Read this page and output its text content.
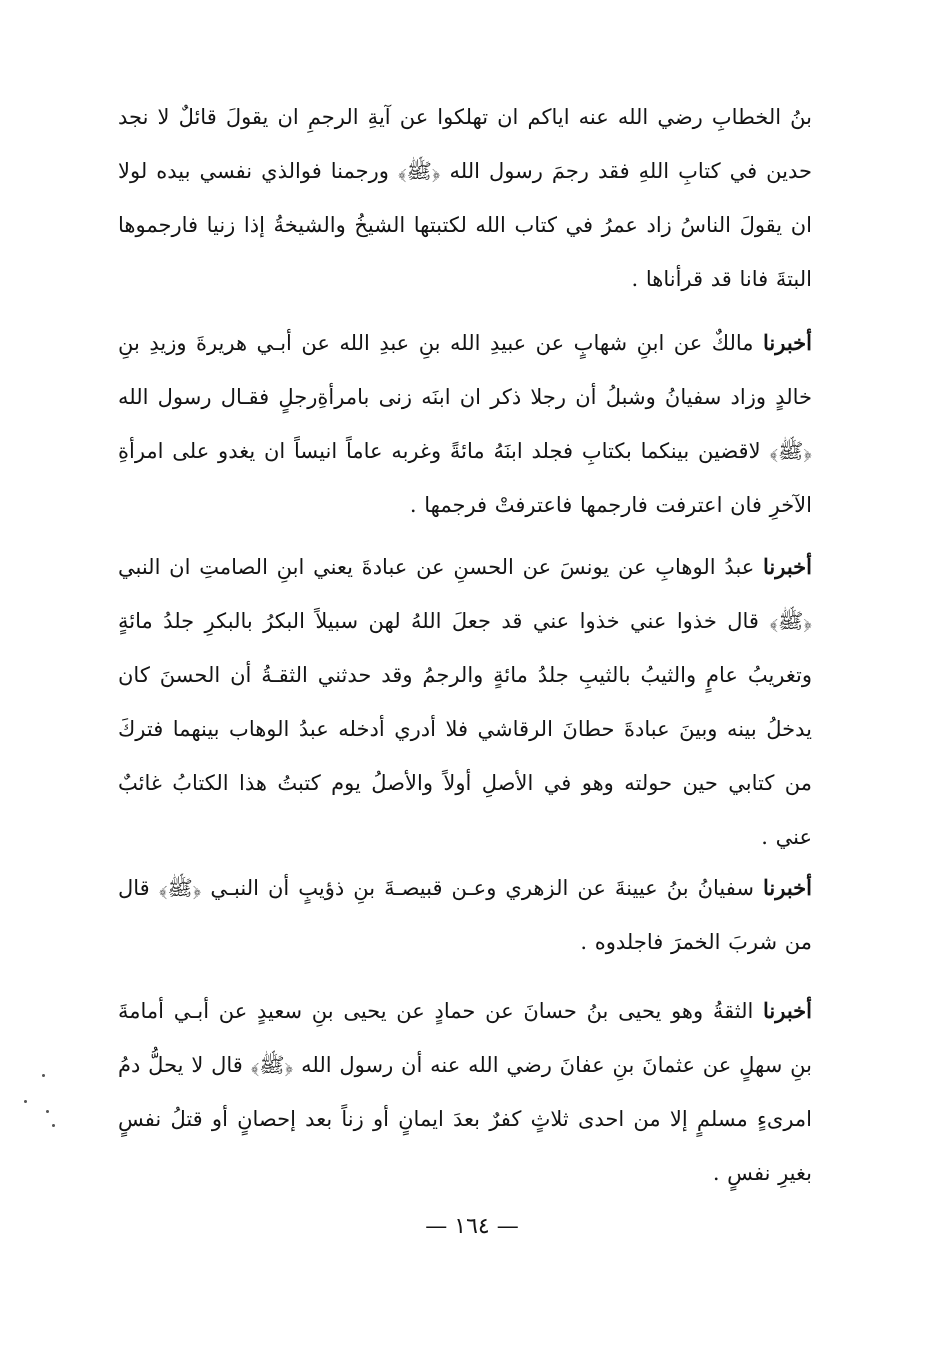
بنُ الخطابِ رضي الله عنه اياكم ان تهلكوا عن آيةِ الرجمِ ان يقولَ قائلٌ لا نجد حدين في كتابِ اللهِ فقد رجمَ رسول الله ﴿ﷺ﴾ ورجمنا فوالذي نفسي بيده لولا ان يقولَ الناسُ زاد عمرُ في كتاب الله لكتبتها الشيخُ والشيخةُ إذا زنيا فارجموها البتةَ فانا قد قرأناها .

أخبرنا مالكٌ عن ابنِ شهابٍ عن عبيدِ الله بنِ عبدِ الله عن أبـي هريرةَ وزيدِ بنِ خالدٍ وزاد سفيانُ وشبلُ أن رجلا ذكر ان ابنَه زنى بامرأةِرجلٍ فقـال رسول الله ﴿ﷺ﴾ لاقضين بينكما بكتابِ فجلد ابنَهُ مائةً وغربه عاماً انيساً ان يغدو على امرأةِ الآخرِ فان اعترفت فارجمها فاعترفتْ فرجمها .

أخبرنا عبدُ الوهابِ عن يونسَ عن الحسنِ عن عبادةَ يعني ابنِ الصامتِ ان النبي ﴿ﷺ﴾ قال خذوا عني خذوا عني قد جعلَ اللهُ لهن سبيلاً البكرُ بالبكرِ جلدُ مائةٍ وتغريبُ عامٍ والثيبُ بالثيبِ جلدُ مائةٍ والرجمُ وقد حدثني الثقـةُ أن الحسنَ كان يدخلُ بينه وبينَ عبادةَ حطانَ الرقاشي فلا أدري أدخله عبدُ الوهاب بينهما فتركَ من كتابي حين حولته وهو في الأصلِ أولاً والأصلُ يوم كتبتُ هذا الكتابُ غائبٌ عني .

أخبرنا سفيانُ بنُ عيينةَ عن الزهري وعـن قبيصـةَ بنِ ذؤيبٍ أن النبـي ﴿ﷺ﴾ قال من شربَ الخمرَ فاجلدوه .

أخبرنا الثقةُ وهو يحيى بنُ حسانَ عن حمادٍ عن يحيى بنِ سعيدٍ عن أبـي أمامةَ بنِ سهلٍ عن عثمانَ بنِ عفانَ رضي الله عنه أن رسول الله ﴿ﷺ﴾ قال لا يحلُّ دمُ امرىءٍ مسلمٍ إلا من احدى ثلاثٍ كفرٌ بعدَ ايمانٍ أو زناً بعد إحصانٍ أو قتلُ نفسٍ بغيرِ نفسٍ .

— ١٦٤ —
